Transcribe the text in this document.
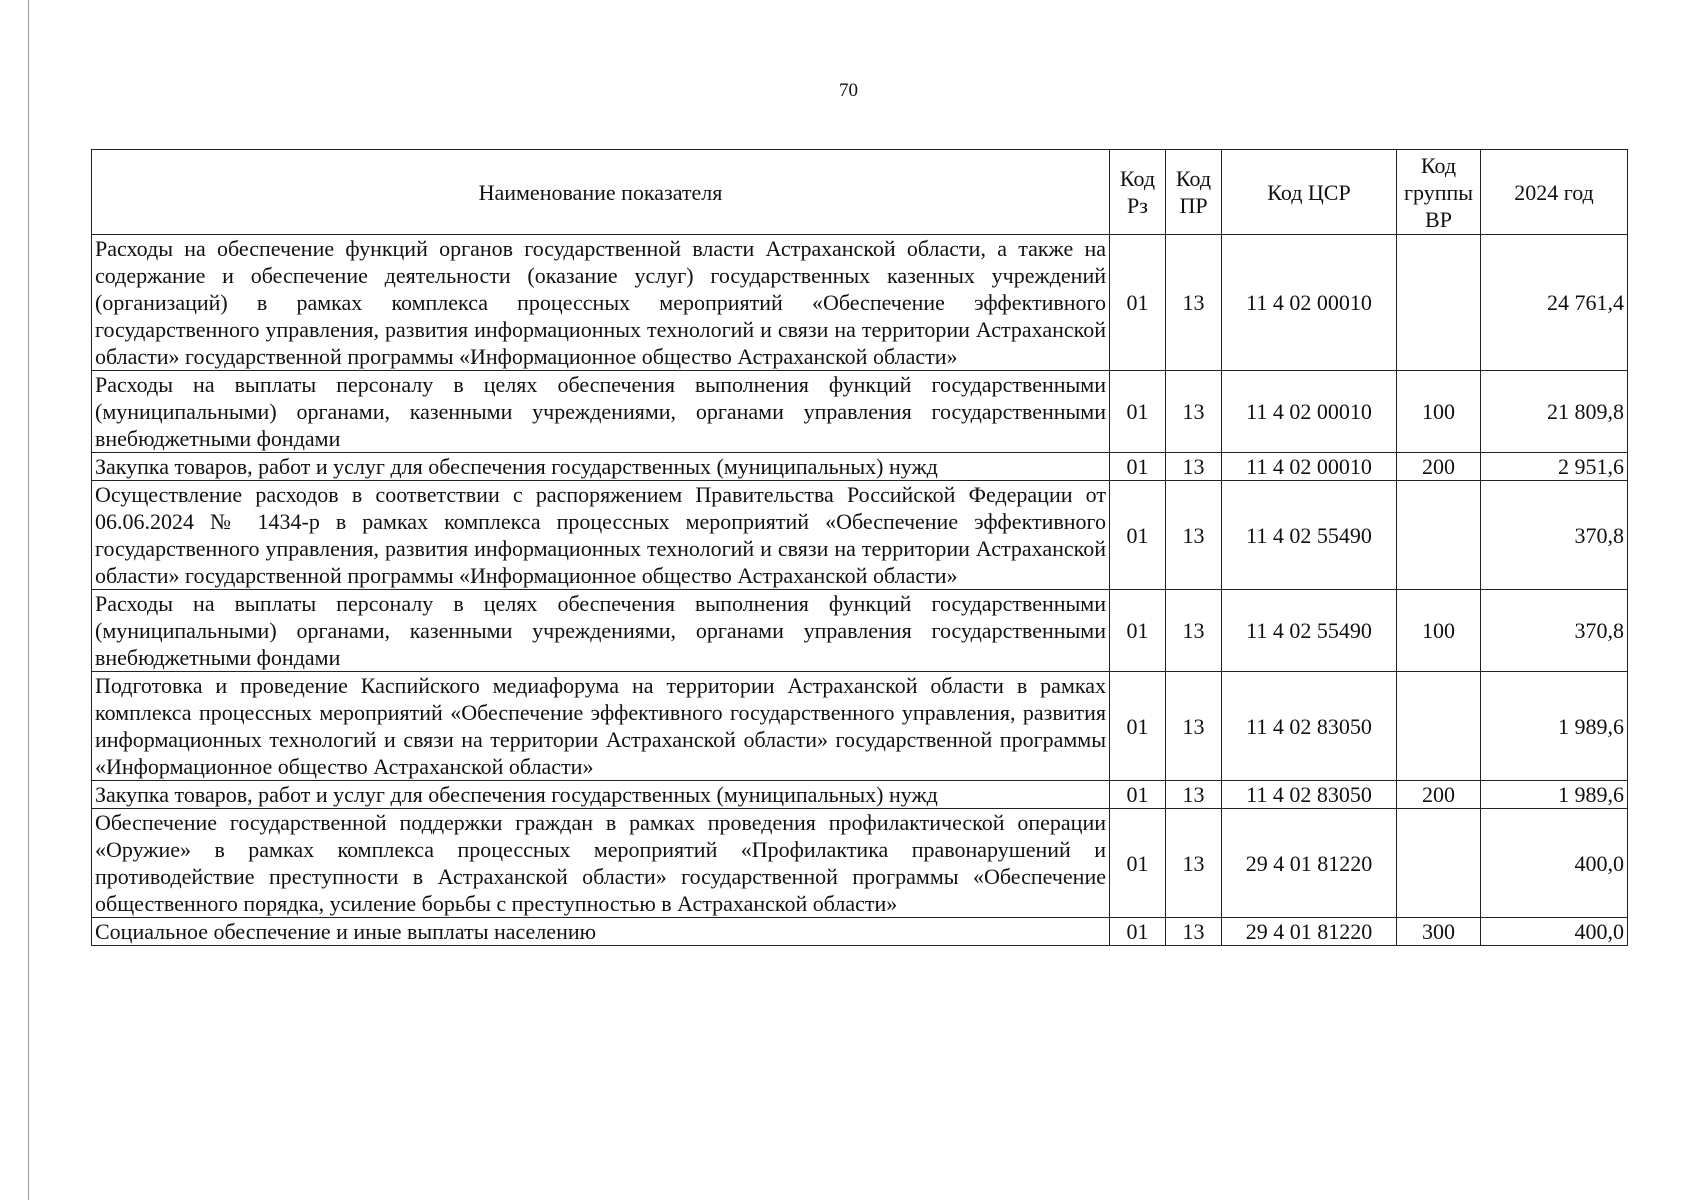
70
Наименование показателя	Код Рз	Код ПР	Код ЦСР	Код группы ВР	2024 год
Расходы на обеспечение функций органов государственной власти Астраханской области, а также на содержание и обеспечение деятельности (оказание услуг) государственных казенных учреждений (организаций) в рамках комплекса процессных мероприятий «Обеспечение эффективного государственного управления, развития информационных технологий и связи на территории Астраханской области» государственной программы «Информационное общество Астраханской области»	01	13	11 4 02 00010		24 761,4
Расходы на выплаты персоналу в целях обеспечения выполнения функций государственными (муниципальными) органами, казенными учреждениями, органами управления государственными внебюджетными фондами	01	13	11 4 02 00010	100	21 809,8
Закупка товаров, работ и услуг для обеспечения государственных (муниципальных) нужд	01	13	11 4 02 00010	200	2 951,6
Осуществление расходов в соответствии с распоряжением Правительства Российской Федерации от 06.06.2024 № 1434-р в рамках комплекса процессных мероприятий «Обеспечение эффективного государственного управления, развития информационных технологий и связи на территории Астраханской области» государственной программы «Информационное общество Астраханской области»	01	13	11 4 02 55490		370,8
Расходы на выплаты персоналу в целях обеспечения выполнения функций государственными (муниципальными) органами, казенными учреждениями, органами управления государственными внебюджетными фондами	01	13	11 4 02 55490	100	370,8
Подготовка и проведение Каспийского медиафорума на территории Астраханской области в рамках комплекса процессных мероприятий «Обеспечение эффективного государственного управления, развития информационных технологий и связи на территории Астраханской области» государственной программы «Информационное общество Астраханской области»	01	13	11 4 02 83050		1 989,6
Закупка товаров, работ и услуг для обеспечения государственных (муниципальных) нужд	01	13	11 4 02 83050	200	1 989,6
Обеспечение государственной поддержки граждан в рамках проведения профилактической операции «Оружие» в рамках комплекса процессных мероприятий «Профилактика правонарушений и противодействие преступности в Астраханской области» государственной программы «Обеспечение общественного порядка, усиление борьбы с преступностью в Астраханской области»	01	13	29 4 01 81220		400,0
Социальное обеспечение и иные выплаты населению	01	13	29 4 01 81220	300	400,0
